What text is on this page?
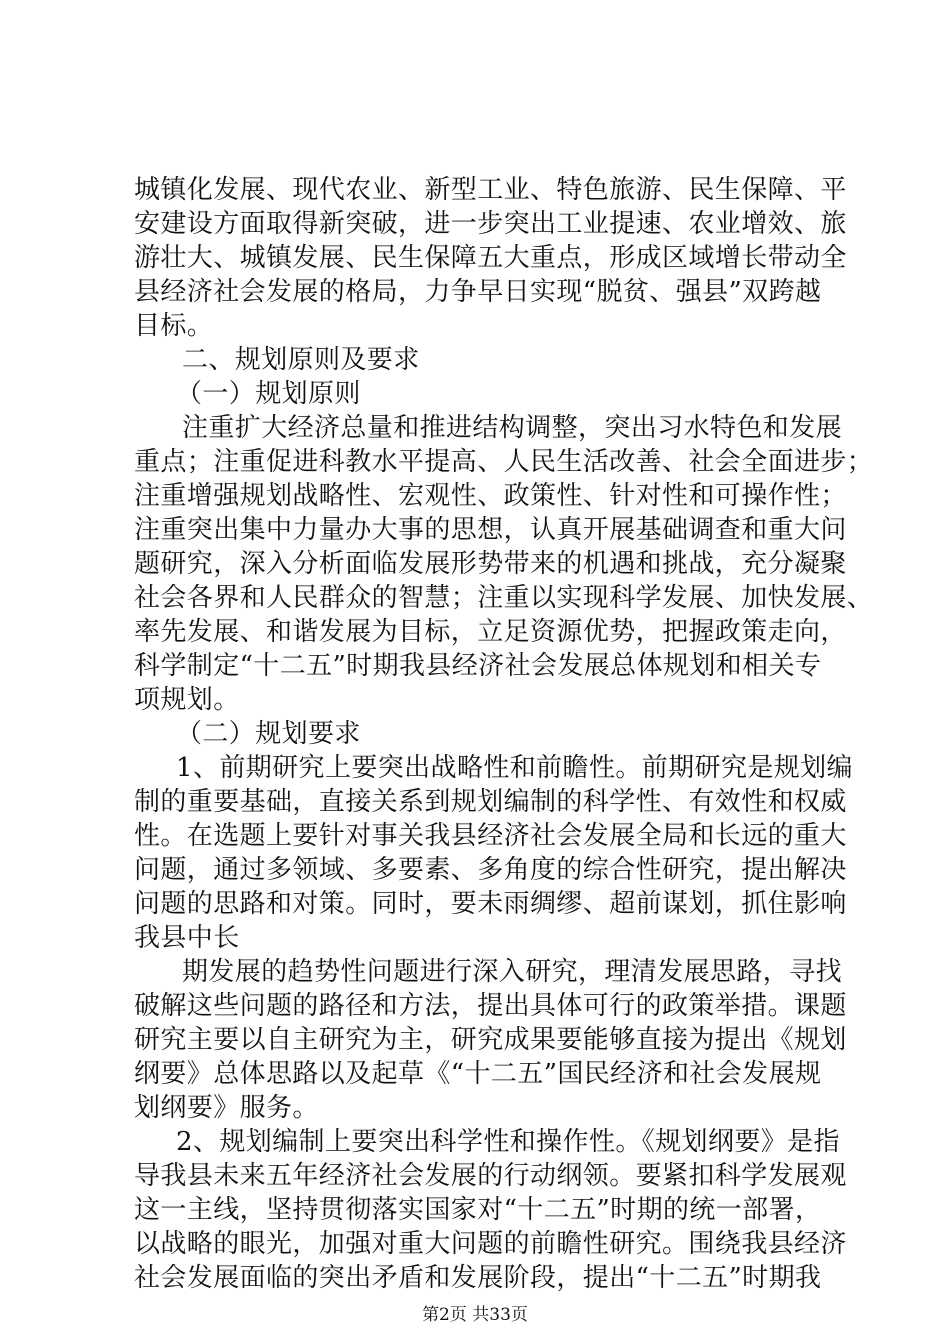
城镇化发展、现代农业、新型工业、特色旅游、民生保障、平
安建设方面取得新突破，进一步突出工业提速、农业增效、旅
游壮大、城镇发展、民生保障五大重点，形成区域增长带动全
县经济社会发展的格局，力争早日实现“脱贫、强县”双跨越
目标。
二、规划原则及要求
（一）规划原则
注重扩大经济总量和推进结构调整，突出习水特色和发展
重点；注重促进科教水平提高、人民生活改善、社会全面进步；
注重增强规划战略性、宏观性、政策性、针对性和可操作性；
注重突出集中力量办大事的思想，认真开展基础调查和重大问
题研究，深入分析面临发展形势带来的机遇和挑战，充分凝聚
社会各界和人民群众的智慧；注重以实现科学发展、加快发展、
率先发展、和谐发展为目标，立足资源优势，把握政策走向，
科学制定“十二五”时期我县经济社会发展总体规划和相关专
项规划。
（二）规划要求
1、前期研究上要突出战略性和前瞻性。前期研究是规划编
制的重要基础，直接关系到规划编制的科学性、有效性和权威
性。在选题上要针对事关我县经济社会发展全局和长远的重大
问题，通过多领域、多要素、多角度的综合性研究，提出解决
问题的思路和对策。同时，要未雨绸缪、超前谋划，抓住影响
我县中长
期发展的趋势性问题进行深入研究，理清发展思路，寻找
破解这些问题的路径和方法，提出具体可行的政策举措。课题
研究主要以自主研究为主，研究成果要能够直接为提出《规划
纲要》总体思路以及起草《“十二五”国民经济和社会发展规
划纲要》服务。
2、规划编制上要突出科学性和操作性。《规划纲要》是指
导我县未来五年经济社会发展的行动纲领。要紧扣科学发展观
这一主线，坚持贯彻落实国家对“十二五”时期的统一部署，
以战略的眼光，加强对重大问题的前瞻性研究。围绕我县经济
社会发展面临的突出矛盾和发展阶段，提出“十二五”时期我
第2页 共33页
